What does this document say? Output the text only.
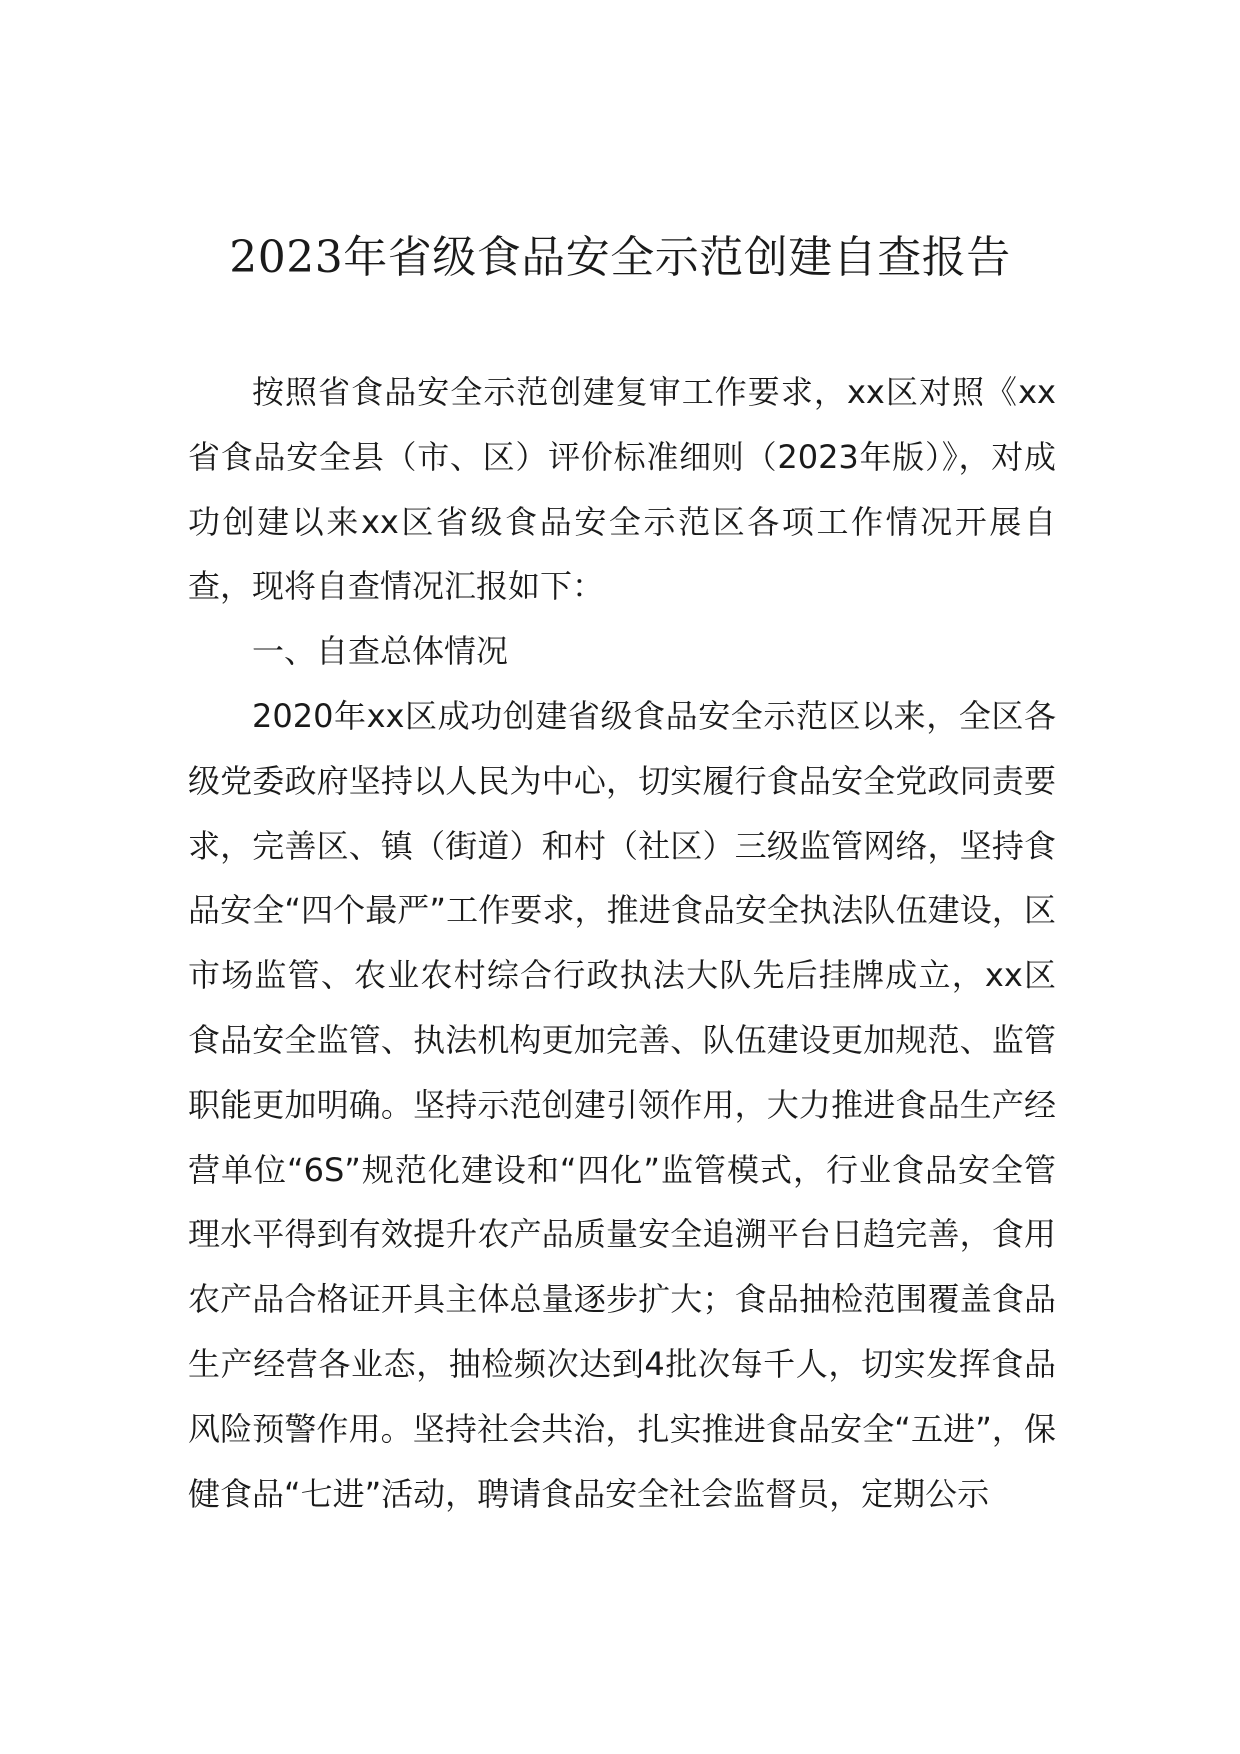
2023年省级食品安全示范创建自查报告

按照省食品安全示范创建复审工作要求，xx区对照《xx省食品安全县（市、区）评价标准细则（2023年版）》，对成功创建以来xx区省级食品安全示范区各项工作情况开展自查，现将自查情况汇报如下：

一、自查总体情况

2020年xx区成功创建省级食品安全示范区以来，全区各级党委政府坚持以人民为中心，切实履行食品安全党政同责要求，完善区、镇（街道）和村（社区）三级监管网络，坚持食品安全“四个最严”工作要求，推进食品安全执法队伍建设，区市场监管、农业农村综合行政执法大队先后挂牌成立，xx区食品安全监管、执法机构更加完善、队伍建设更加规范、监管职能更加明确。坚持示范创建引领作用，大力推进食品生产经营单位“6S”规范化建设和“四化”监管模式，行业食品安全管理水平得到有效提升农产品质量安全追溯平台日趋完善，食用农产品合格证开具主体总量逐步扩大；食品抽检范围覆盖食品生产经营各业态，抽检频次达到4批次每千人，切实发挥食品风险预警作用。坚持社会共治，扎实推进食品安全“五进”，保健食品“七进”活动，聘请食品安全社会监督员，定期公示
